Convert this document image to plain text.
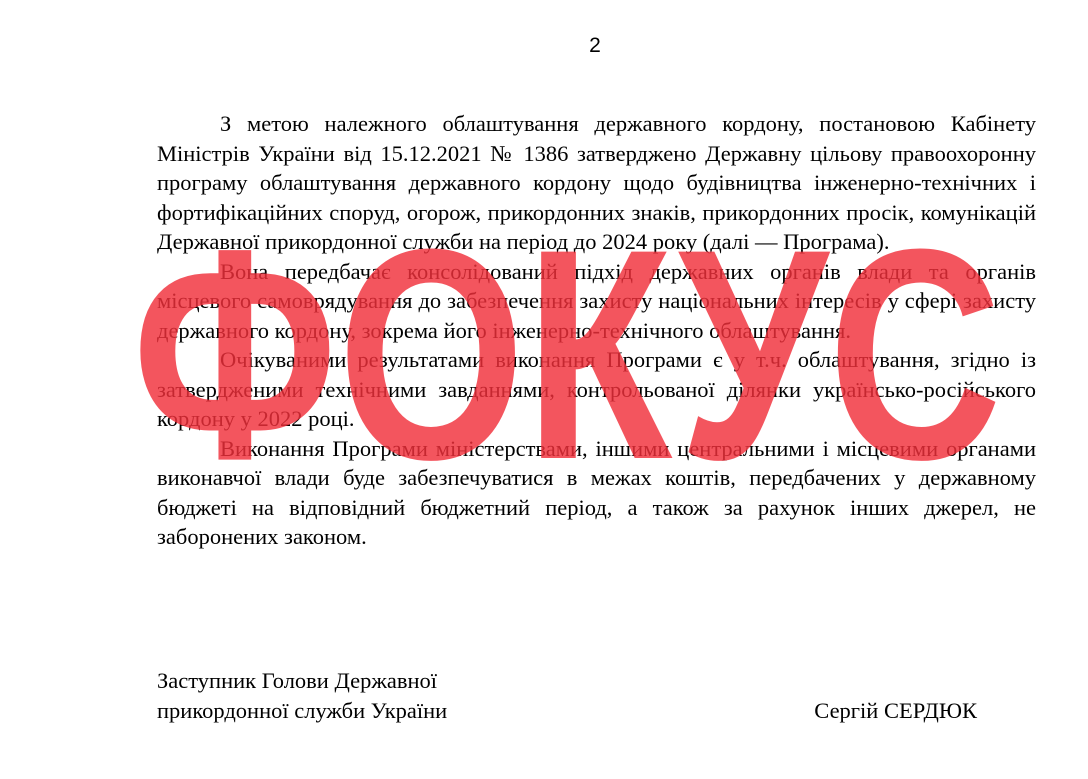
2

З метою належного облаштування державного кордону, постановою Кабінету Міністрів України від 15.12.2021 № 1386 затверджено Державну цільову правоохоронну програму облаштування державного кордону щодо будівництва інженерно-технічних і фортифікаційних споруд, огорож, прикордонних знаків, прикордонних просік, комунікацій Державної прикордонної служби на період до 2024 року (далі — Програма).

Вона передбачає консолідований підхід державних органів влади та органів місцевого самоврядування до забезпечення захисту національних інтересів у сфері захисту державного кордону, зокрема його інженерно-технічного облаштування.

Очікуваними результатами виконання Програми є у т.ч. облаштування, згідно із затвердженими технічними завданнями, контрольованої ділянки українсько-російського кордону у 2022 році.

Виконання Програми міністерствами, іншими центральними і місцевими органами виконавчої влади буде забезпечуватися в межах коштів, передбачених у державному бюджеті на відповідний бюджетний період, а також за рахунок інших джерел, не заборонених законом.

ФОКУС
Заступник Голови Державної
прикордонної служби України	Сергій СЕРДЮК
